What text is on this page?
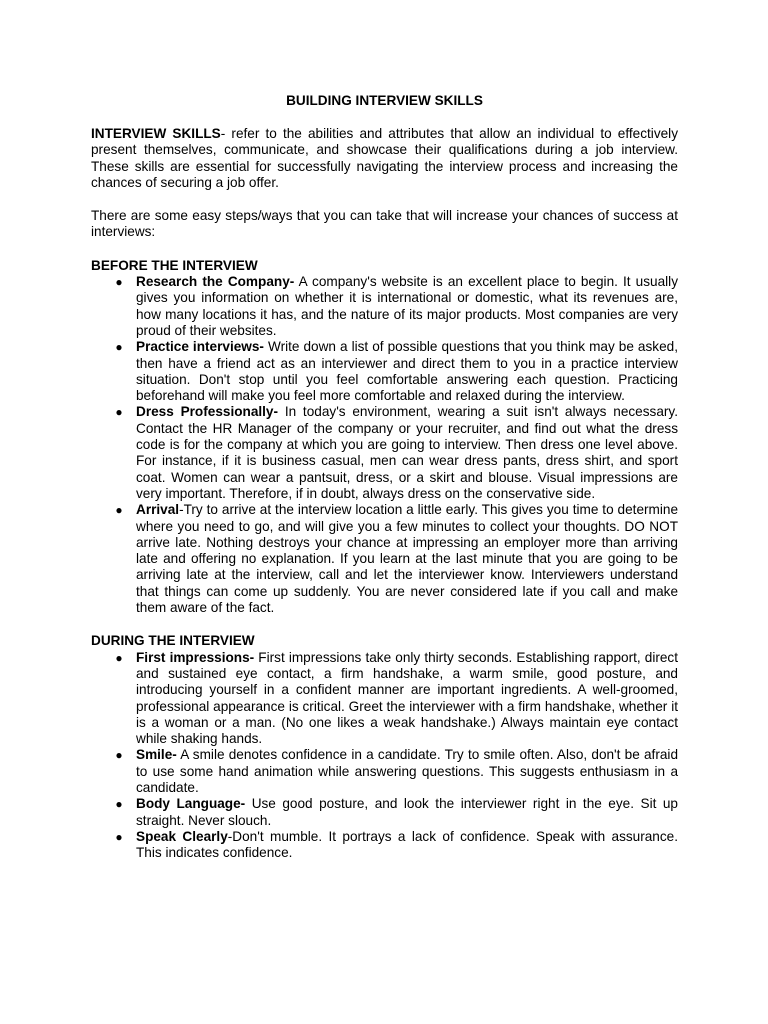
BUILDING INTERVIEW SKILLS

INTERVIEW SKILLS- refer to the abilities and attributes that allow an individual to effectively present themselves, communicate, and showcase their qualifications during a job interview. These skills are essential for successfully navigating the interview process and increasing the chances of securing a job offer.

There are some easy steps/ways that you can take that will increase your chances of success at interviews:

BEFORE THE INTERVIEW

● Research the Company- A company's website is an excellent place to begin. It usually gives you information on whether it is international or domestic, what its revenues are, how many locations it has, and the nature of its major products. Most companies are very proud of their websites.
● Practice interviews- Write down a list of possible questions that you think may be asked, then have a friend act as an interviewer and direct them to you in a practice interview situation. Don't stop until you feel comfortable answering each question. Practicing beforehand will make you feel more comfortable and relaxed during the interview.
● Dress Professionally- In today's environment, wearing a suit isn't always necessary. Contact the HR Manager of the company or your recruiter, and find out what the dress code is for the company at which you are going to interview. Then dress one level above. For instance, if it is business casual, men can wear dress pants, dress shirt, and sport coat. Women can wear a pantsuit, dress, or a skirt and blouse. Visual impressions are very important. Therefore, if in doubt, always dress on the conservative side.
● Arrival-Try to arrive at the interview location a little early. This gives you time to determine where you need to go, and will give you a few minutes to collect your thoughts. DO NOT arrive late. Nothing destroys your chance at impressing an employer more than arriving late and offering no explanation. If you learn at the last minute that you are going to be arriving late at the interview, call and let the interviewer know. Interviewers understand that things can come up suddenly. You are never considered late if you call and make them aware of the fact.

DURING THE INTERVIEW

● First impressions- First impressions take only thirty seconds. Establishing rapport, direct and sustained eye contact, a firm handshake, a warm smile, good posture, and introducing yourself in a confident manner are important ingredients. A well-groomed, professional appearance is critical. Greet the interviewer with a firm handshake, whether it is a woman or a man. (No one likes a weak handshake.) Always maintain eye contact while shaking hands.
● Smile- A smile denotes confidence in a candidate. Try to smile often. Also, don't be afraid to use some hand animation while answering questions. This suggests enthusiasm in a candidate.
● Body Language- Use good posture, and look the interviewer right in the eye. Sit up straight. Never slouch.
● Speak Clearly-Don't mumble. It portrays a lack of confidence. Speak with assurance. This indicates confidence.
